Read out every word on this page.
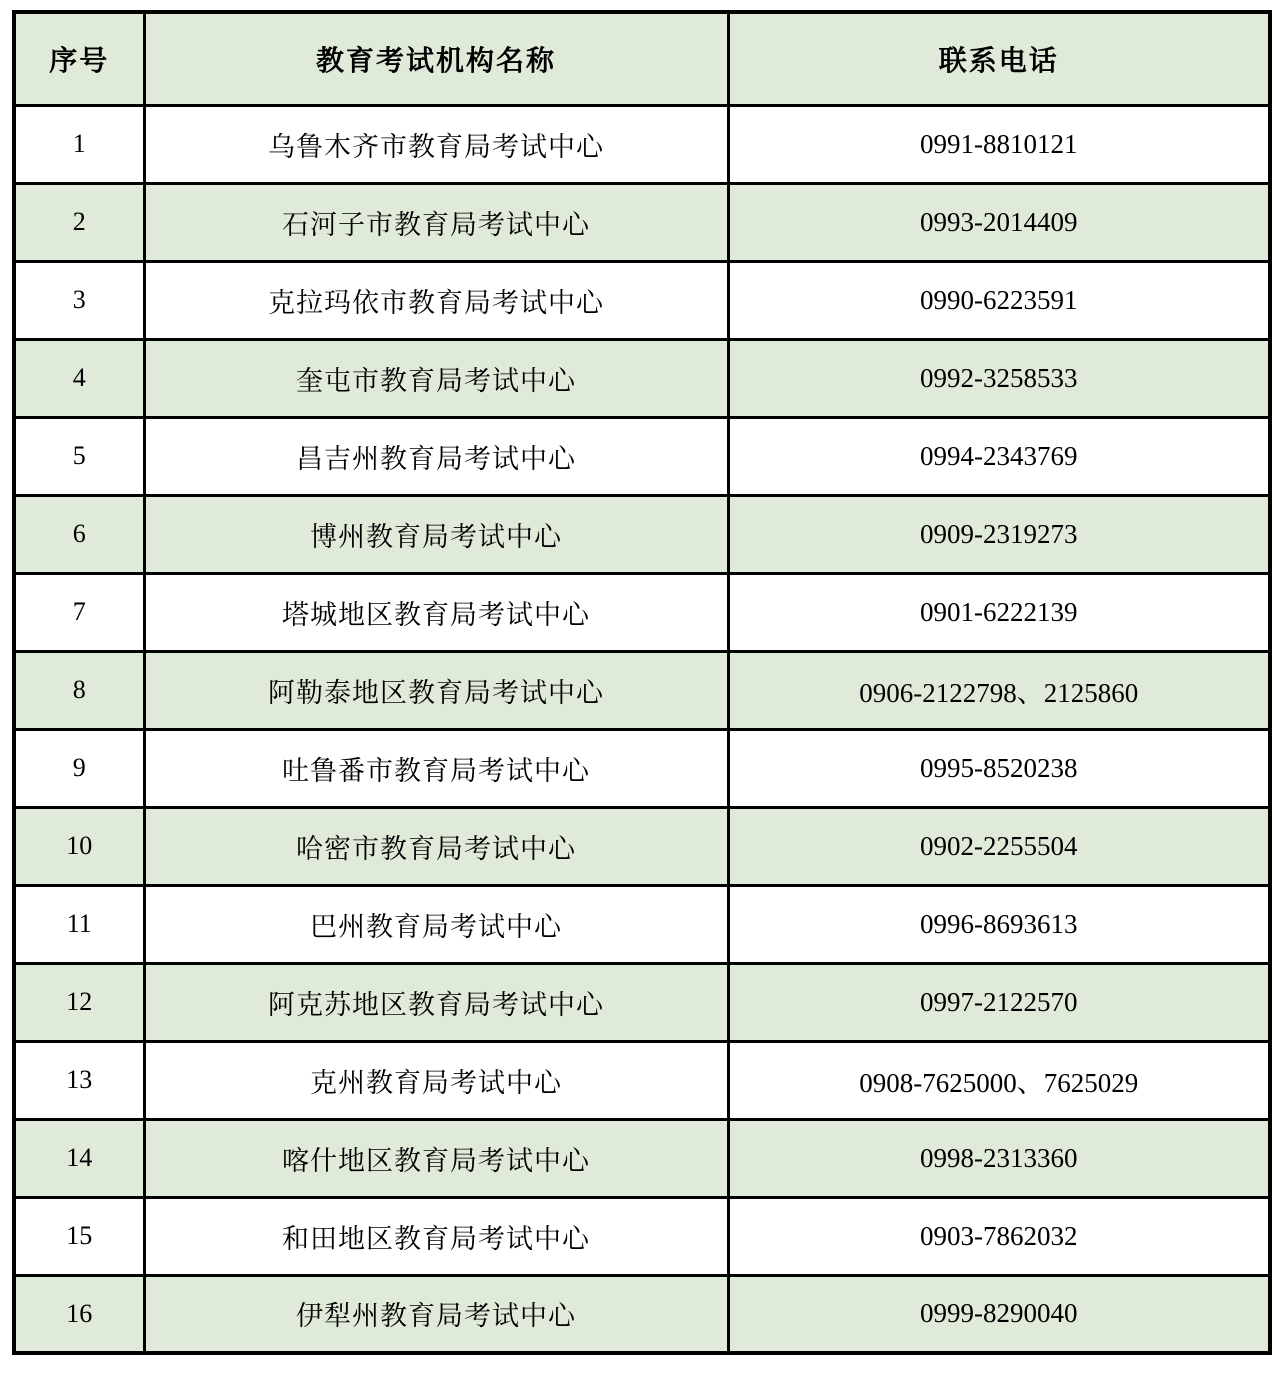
序号	教育考试机构名称	联系电话
1	乌鲁木齐市教育局考试中心	0991-8810121
2	石河子市教育局考试中心	0993-2014409
3	克拉玛依市教育局考试中心	0990-6223591
4	奎屯市教育局考试中心	0992-3258533
5	昌吉州教育局考试中心	0994-2343769
6	博州教育局考试中心	0909-2319273
7	塔城地区教育局考试中心	0901-6222139
8	阿勒泰地区教育局考试中心	0906-2122798、2125860
9	吐鲁番市教育局考试中心	0995-8520238
10	哈密市教育局考试中心	0902-2255504
11	巴州教育局考试中心	0996-8693613
12	阿克苏地区教育局考试中心	0997-2122570
13	克州教育局考试中心	0908-7625000、7625029
14	喀什地区教育局考试中心	0998-2313360
15	和田地区教育局考试中心	0903-7862032
16	伊犁州教育局考试中心	0999-8290040
